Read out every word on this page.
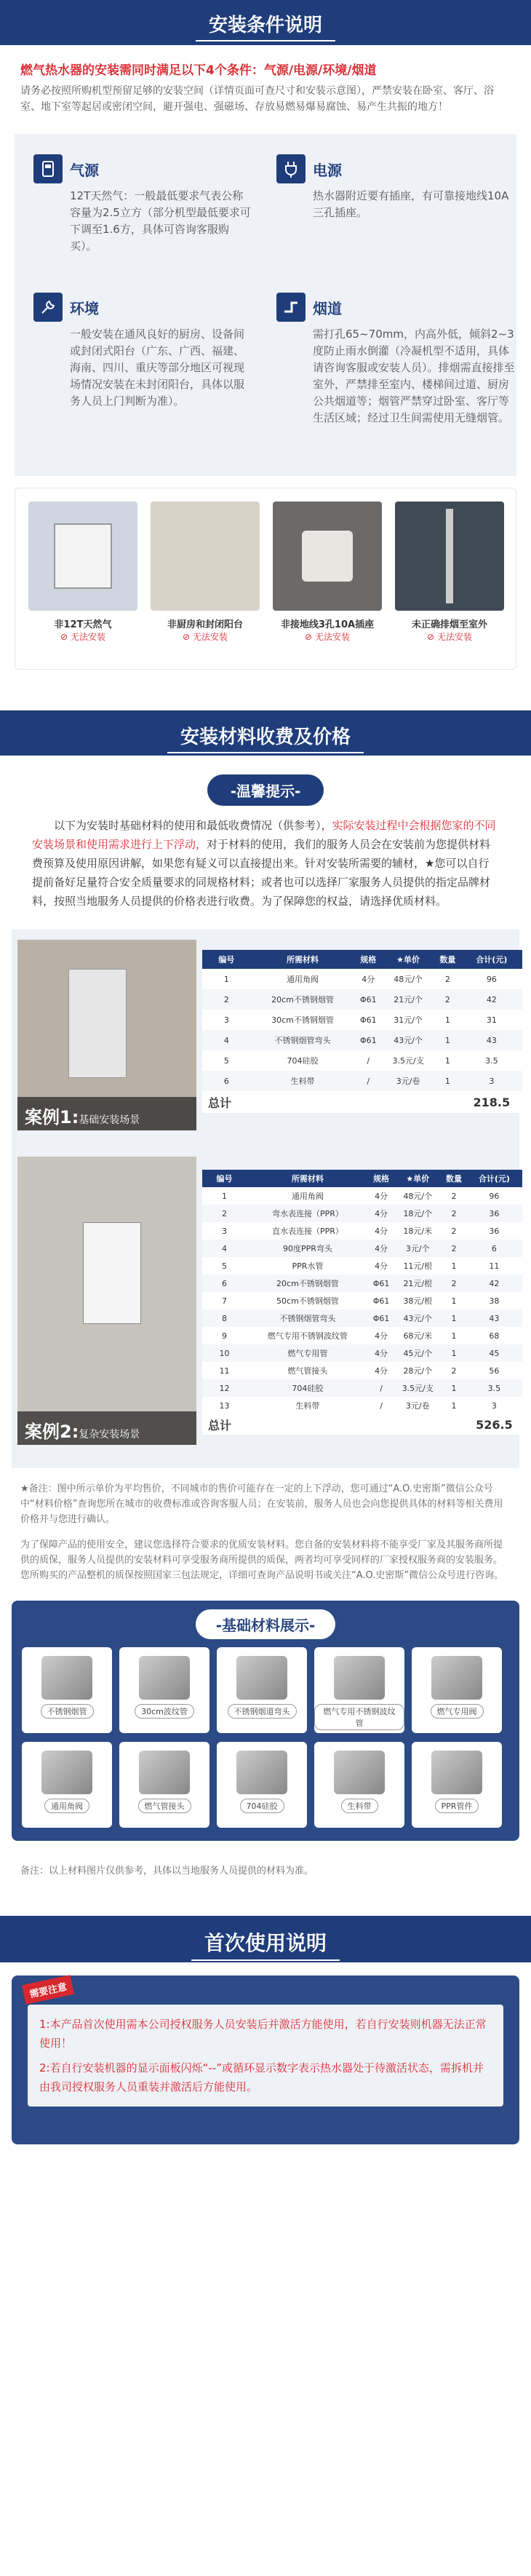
安装条件说明
燃气热水器的安装需同时满足以下4个条件：气源/电源/环境/烟道
请务必按照所购机型预留足够的安装空间（详情页面可查尺寸和安装示意图），严禁安装在卧室、客厅、浴室、地下室等起居或密闭空间，避开强电、强磁场、存放易燃易爆易腐蚀、易产生共振的地方！
气源
12T天然气：一般最低要求气表公称容量为2.5立方（部分机型最低要求可下调至1.6方，具体可咨询客服购买）。
电源
热水器附近要有插座，有可靠接地线10A三孔插座。
环境
一般安装在通风良好的厨房、设备间或封闭式阳台（广东、广西、福建、海南、四川、重庆等部分地区可视现场情况安装在未封闭阳台，具体以服务人员上门判断为准）。
烟道
需打孔65~70mm，内高外低，倾斜2~3度防止雨水倒灌（冷凝机型不适用，具体请咨询客服或安装人员）。排烟需直接排至室外，严禁排至室内、楼梯间过道、厨房公共烟道等；烟管严禁穿过卧室、客厅等生活区域；经过卫生间需使用无缝烟管。
非12T天然气
⊘ 无法安装
非厨房和封闭阳台
⊘ 无法安装
非接地线3孔10A插座
⊘ 无法安装
未正确排烟至室外
⊘ 无法安装
安装材料收费及价格
-温馨提示-
以下为安装时基础材料的使用和最低收费情况（供参考），实际安装过程中会根据您家的不同安装场景和使用需求进行上下浮动，对于材料的使用，我们的服务人员会在安装前为您提供材料费预算及使用原因讲解，如果您有疑义可以直接提出来。针对安装所需要的辅材，★您可以自行提前备好足量符合安全质量要求的同规格材料；或者也可以选择厂家服务人员提供的指定品牌材料，按照当地服务人员提供的价格表进行收费。为了保障您的权益，请选择优质材料。
案例1:基础安装场景
编号	所需材料	规格	★单价	数量	合计(元)
1	通用角阀	4分	48元/个	2	96
2	20cm不锈钢烟管	Φ61	21元/个	2	42
3	30cm不锈钢烟管	Φ61	31元/个	1	31
4	不锈钢烟管弯头	Φ61	43元/个	1	43
5	704硅胶	/	3.5元/支	1	3.5
6	生料带	/	3元/卷	1	3
总计					218.5
案例2:复杂安装场景
编号	所需材料	规格	★单价	数量	合计(元)
1	通用角阀	4分	48元/个	2	96
2	弯水表连接（PPR）	4分	18元/个	2	36
3	直水表连接（PPR）	4分	18元/米	2	36
4	90度PPR弯头	4分	3元/个	2	6
5	PPR水管	4分	11元/根	1	11
6	20cm不锈钢烟管	Φ61	21元/根	2	42
7	50cm不锈钢烟管	Φ61	38元/根	1	38
8	不锈钢烟管弯头	Φ61	43元/个	1	43
9	燃气专用不锈钢波纹管	4分	68元/米	1	68
10	燃气专用管	4分	45元/个	1	45
11	燃气管接头	4分	28元/个	2	56
12	704硅胶	/	3.5元/支	1	3.5
13	生料带	/	3元/卷	1	3
总计					526.5
★备注：图中所示单价为平均售价，不同城市的售价可能存在一定的上下浮动，您可通过“A.O.史密斯”微信公众号中“材料价格”查询您所在城市的收费标准或咨询客服人员；在安装前，服务人员也会向您提供具体的材料等相关费用价格并与您进行确认。
为了保障产品的使用安全，建议您选择符合要求的优质安装材料。您自备的安装材料将不能享受厂家及其服务商所提供的质保，服务人员提供的安装材料可享受服务商所提供的质保，两者均可享受同样的厂家授权服务商的安装服务。您所购买的产品整机的质保按照国家三包法规定，详细可查询产品说明书或关注“A.O.史密斯”微信公众号进行咨询。
-基础材料展示-
不锈钢烟管	30cm波纹管	不锈钢烟道弯头	燃气专用不锈钢波纹管
燃气专用阀
通用角阀	燃气管接头	704硅胶	生料带	PPR管件
备注：以上材料图片仅供参考，具体以当地服务人员提供的材料为准。
首次使用说明
需要注意
1:本产品首次使用需本公司授权服务人员安装后并激活方能使用，若自行安装则机器无法正常使用！
2:若自行安装机器的显示面板闪烁“--”或循环显示数字表示热水器处于待激活状态，需拆机并由我司授权服务人员重装并激活后方能使用。
